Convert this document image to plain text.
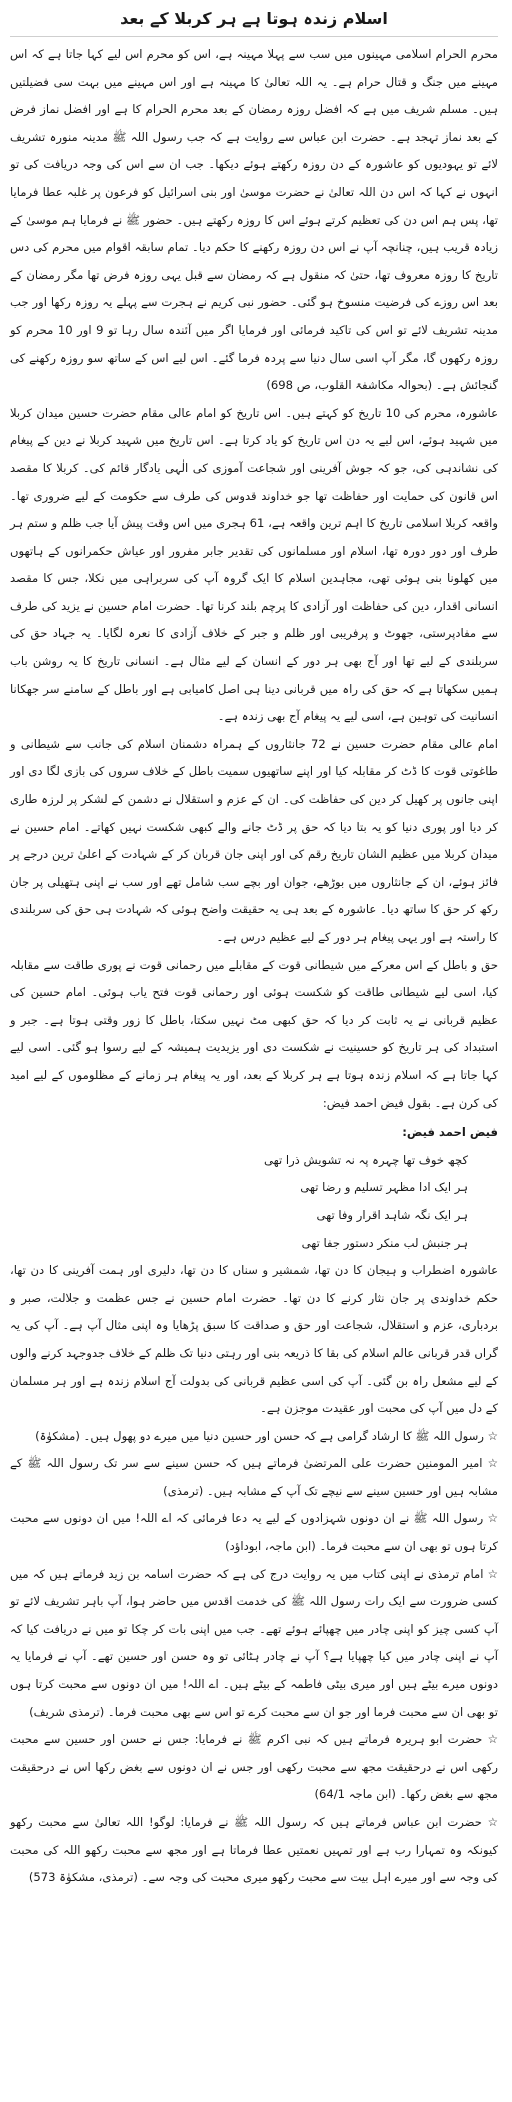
اسلام زندہ ہوتا ہے ہر کربلا کے بعد

محرم الحرام اسلامی مہینوں میں سب سے پہلا مہینہ ہے، اس کو محرم اس لیے کہا جاتا ہے کہ اس مہینے میں جنگ و قتال حرام ہے۔ یہ اللہ تعالیٰ کا مہینہ ہے اور اس مہینے میں بہت سی فضیلتیں ہیں۔ مسلم شریف میں ہے کہ افضل روزہ رمضان کے بعد محرم الحرام کا ہے اور افضل نماز فرض کے بعد نماز تہجد ہے۔ حضرت ابن عباس سے روایت ہے کہ جب رسول اللہ ﷺ مدینہ منورہ تشریف لائے تو یہودیوں کو عاشورہ کے دن روزہ رکھتے ہوئے دیکھا۔ جب ان سے اس کی وجہ دریافت کی تو انہوں نے کہا کہ اس دن اللہ تعالیٰ نے حضرت موسیٰ اور بنی اسرائیل کو فرعون پر غلبہ عطا فرمایا تھا، پس ہم اس دن کی تعظیم کرتے ہوئے اس کا روزہ رکھتے ہیں۔ حضور ﷺ نے فرمایا ہم موسیٰ کے زیادہ قریب ہیں، چنانچہ آپ نے اس دن روزہ رکھنے کا حکم دیا۔ تمام سابقہ اقوام میں محرم کی دس تاریخ کا روزہ معروف تھا، حتیٰ کہ منقول ہے کہ رمضان سے قبل یہی روزہ فرض تھا مگر رمضان کے بعد اس روزے کی فرضیت منسوخ ہو گئی۔ حضور نبی کریم نے ہجرت سے پہلے یہ روزہ رکھا اور جب مدینہ تشریف لائے تو اس کی تاکید فرمائی اور فرمایا اگر میں آئندہ سال رہا تو 9 اور 10 محرم کو روزہ رکھوں گا، مگر آپ اسی سال دنیا سے پردہ فرما گئے۔ اس لیے اس کے ساتھ سو روزہ رکھنے کی گنجائش ہے۔ (بحوالہ مکاشفۃ القلوب، ص 698)

عاشورہ، محرم کی 10 تاریخ کو کہتے ہیں۔ اس تاریخ کو امام عالی مقام حضرت حسین میدان کربلا میں شہید ہوئے، اس لیے یہ دن اس تاریخ کو یاد کرتا ہے۔ اس تاریخ میں شہید کربلا نے دین کے پیغام کی نشاندہی کی، جو کہ جوش آفرینی اور شجاعت آموزی کی الٰہی یادگار قائم کی۔ کربلا کا مقصد اس قانون کی حمایت اور حفاظت تھا جو خداوند قدوس کی طرف سے حکومت کے لیے ضروری تھا۔ واقعہ کربلا اسلامی تاریخ کا اہم ترین واقعہ ہے، 61 ہجری میں اس وقت پیش آیا جب ظلم و ستم ہر طرف اور دور دورہ تھا، اسلام اور مسلمانوں کی تقدیر جابر مفرور اور عیاش حکمرانوں کے ہاتھوں میں کھلونا بنی ہوئی تھی، مجاہدین اسلام کا ایک گروہ آپ کی سربراہی میں نکلا، جس کا مقصد انسانی اقدار، دین کی حفاظت اور آزادی کا پرچم بلند کرنا تھا۔ حضرت امام حسین نے یزید کی طرف سے مفادپرستی، جھوٹ و پرفریبی اور ظلم و جبر کے خلاف آزادی کا نعرہ لگایا۔ یہ جہاد حق کی سربلندی کے لیے تھا اور آج بھی ہر دور کے انسان کے لیے مثال ہے۔ انسانی تاریخ کا یہ روشن باب ہمیں سکھاتا ہے کہ حق کی راہ میں قربانی دینا ہی اصل کامیابی ہے اور باطل کے سامنے سر جھکانا انسانیت کی توہین ہے، اسی لیے یہ پیغام آج بھی زندہ ہے۔

امام عالی مقام حضرت حسین نے 72 جانثاروں کے ہمراہ دشمنان اسلام کی جانب سے شیطانی و طاغوتی قوت کا ڈٹ کر مقابلہ کیا اور اپنے ساتھیوں سمیت باطل کے خلاف سروں کی بازی لگا دی اور اپنی جانوں پر کھیل کر دین کی حفاظت کی۔ ان کے عزم و استقلال نے دشمن کے لشکر پر لرزہ طاری کر دیا اور پوری دنیا کو یہ بتا دیا کہ حق پر ڈٹ جانے والے کبھی شکست نہیں کھاتے۔ امام حسین نے میدان کربلا میں عظیم الشان تاریخ رقم کی اور اپنی جان قربان کر کے شہادت کے اعلیٰ ترین درجے پر فائز ہوئے، ان کے جانثاروں میں بوڑھے، جوان اور بچے سب شامل تھے اور سب نے اپنی ہتھیلی پر جان رکھ کر حق کا ساتھ دیا۔ عاشورہ کے بعد ہی یہ حقیقت واضح ہوئی کہ شہادت ہی حق کی سربلندی کا راستہ ہے اور یہی پیغام ہر دور کے لیے عظیم درس ہے۔

حق و باطل کے اس معرکے میں شیطانی قوت کے مقابلے میں رحمانی قوت نے پوری طاقت سے مقابلہ کیا، اسی لیے شیطانی طاقت کو شکست ہوئی اور رحمانی قوت فتح یاب ہوئی۔ امام حسین کی عظیم قربانی نے یہ ثابت کر دیا کہ حق کبھی مٹ نہیں سکتا، باطل کا زور وقتی ہوتا ہے۔ جبر و استبداد کی ہر تاریخ کو حسینیت نے شکست دی اور یزیدیت ہمیشہ کے لیے رسوا ہو گئی۔ اسی لیے کہا جاتا ہے کہ اسلام زندہ ہوتا ہے ہر کربلا کے بعد، اور یہ پیغام ہر زمانے کے مظلوموں کے لیے امید کی کرن ہے۔ بقول فیض احمد فیض:

فیض احمد فیض:
کچھ خوف تھا چہرہ پہ نہ تشویش ذرا تھی
ہر ایک ادا مظہر تسلیم و رضا تھی
ہر ایک نگہ شاہد اقرار وفا تھی
ہر جنبش لب منکر دستور جفا تھی

عاشورہ اضطراب و ہیجان کا دن تھا، شمشیر و سناں کا دن تھا، دلیری اور ہمت آفرینی کا دن تھا، حکم خداوندی پر جان نثار کرنے کا دن تھا۔ حضرت امام حسین نے جس عظمت و جلالت، صبر و بردباری، عزم و استقلال، شجاعت اور حق و صداقت کا سبق پڑھایا وہ اپنی مثال آپ ہے۔ آپ کی یہ گراں قدر قربانی عالم اسلام کی بقا کا ذریعہ بنی اور رہتی دنیا تک ظلم کے خلاف جدوجہد کرنے والوں کے لیے مشعل راہ بن گئی۔ آپ کی اسی عظیم قربانی کی بدولت آج اسلام زندہ ہے اور ہر مسلمان کے دل میں آپ کی محبت اور عقیدت موجزن ہے۔

☆ رسول اللہ ﷺ کا ارشاد گرامی ہے کہ حسن اور حسین دنیا میں میرے دو پھول ہیں۔ (مشکوٰۃ)

☆ امیر المومنین حضرت علی المرتضیٰ فرماتے ہیں کہ حسن سینے سے سر تک رسول اللہ ﷺ کے مشابہ ہیں اور حسین سینے سے نیچے تک آپ کے مشابہ ہیں۔ (ترمذی)

☆ رسول اللہ ﷺ نے ان دونوں شہزادوں کے لیے یہ دعا فرمائی کہ اے اللہ! میں ان دونوں سے محبت کرتا ہوں تو بھی ان سے محبت فرما۔ (ابن ماجہ، ابوداؤد)

☆ امام ترمذی نے اپنی کتاب میں یہ روایت درج کی ہے کہ حضرت اسامہ بن زید فرماتے ہیں کہ میں کسی ضرورت سے ایک رات رسول اللہ ﷺ کی خدمت اقدس میں حاضر ہوا، آپ باہر تشریف لائے تو آپ کسی چیز کو اپنی چادر میں چھپائے ہوئے تھے۔ جب میں اپنی بات کر چکا تو میں نے دریافت کیا کہ آپ نے اپنی چادر میں کیا چھپایا ہے؟ آپ نے چادر ہٹائی تو وہ حسن اور حسین تھے۔ آپ نے فرمایا یہ دونوں میرے بیٹے ہیں اور میری بیٹی فاطمہ کے بیٹے ہیں۔ اے اللہ! میں ان دونوں سے محبت کرتا ہوں تو بھی ان سے محبت فرما اور جو ان سے محبت کرے تو اس سے بھی محبت فرما۔ (ترمذی شریف)

☆ حضرت ابو ہریرہ فرماتے ہیں کہ نبی اکرم ﷺ نے فرمایا: جس نے حسن اور حسین سے محبت رکھی اس نے درحقیقت مجھ سے محبت رکھی اور جس نے ان دونوں سے بغض رکھا اس نے درحقیقت مجھ سے بغض رکھا۔ (ابن ماجہ 64/1)

☆ حضرت ابن عباس فرماتے ہیں کہ رسول اللہ ﷺ نے فرمایا: لوگو! اللہ تعالیٰ سے محبت رکھو کیونکہ وہ تمہارا رب ہے اور تمہیں نعمتیں عطا فرماتا ہے اور مجھ سے محبت رکھو اللہ کی محبت کی وجہ سے اور میرے اہل بیت سے محبت رکھو میری محبت کی وجہ سے۔ (ترمذی، مشکوٰۃ 573)
